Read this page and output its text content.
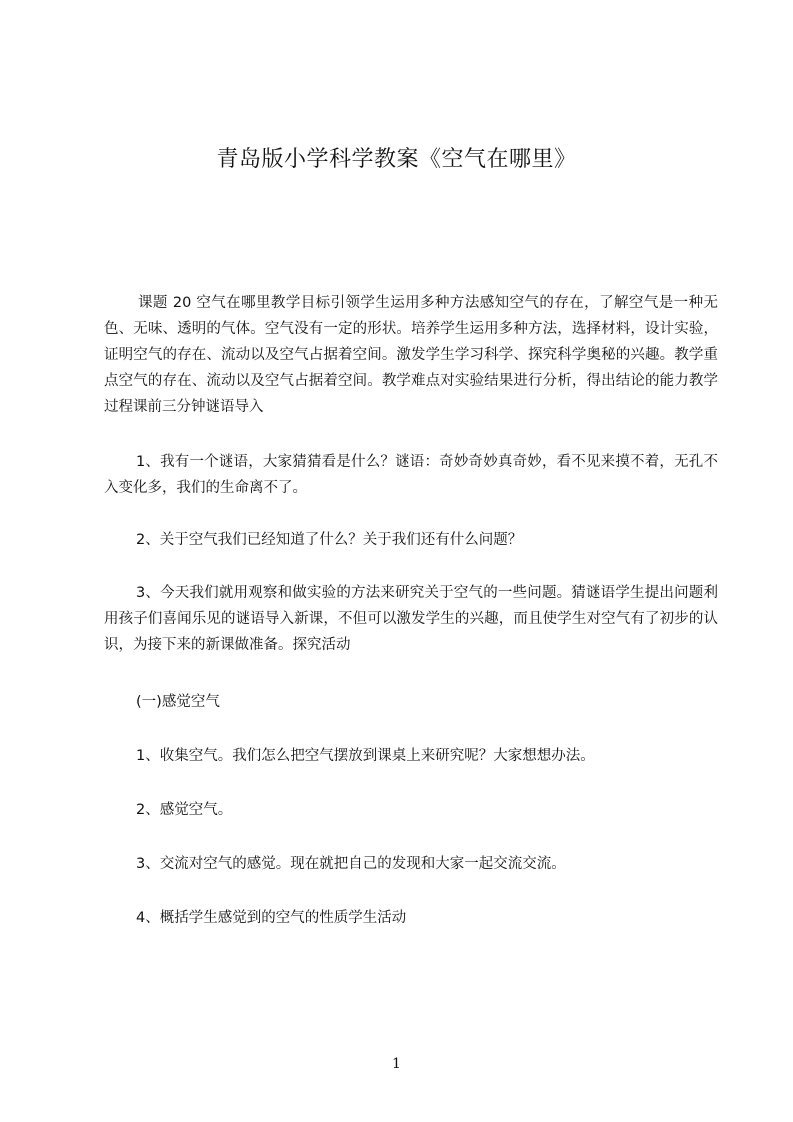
青岛版小学科学教案《空气在哪里》

课题 20 空气在哪里教学目标引领学生运用多种方法感知空气的存在，了解空气是一种无色、无味、透明的气体。空气没有一定的形状。培养学生运用多种方法，选择材料，设计实验，证明空气的存在、流动以及空气占据着空间。激发学生学习科学、探究科学奥秘的兴趣。教学重点空气的存在、流动以及空气占据着空间。教学难点对实验结果进行分析，得出结论的能力教学过程课前三分钟谜语导入

1、我有一个谜语，大家猜猜看是什么？谜语：奇妙奇妙真奇妙，看不见来摸不着，无孔不入变化多，我们的生命离不了。

2、关于空气我们已经知道了什么？关于我们还有什么问题？

3、今天我们就用观察和做实验的方法来研究关于空气的一些问题。猜谜语学生提出问题利用孩子们喜闻乐见的谜语导入新课，不但可以激发学生的兴趣，而且使学生对空气有了初步的认识，为接下来的新课做准备。探究活动

(一)感觉空气
1、收集空气。我们怎么把空气摆放到课桌上来研究呢？大家想想办法。
2、感觉空气。
3、交流对空气的感觉。现在就把自己的发现和大家一起交流交流。
4、概括学生感觉到的空气的性质学生活动
1
